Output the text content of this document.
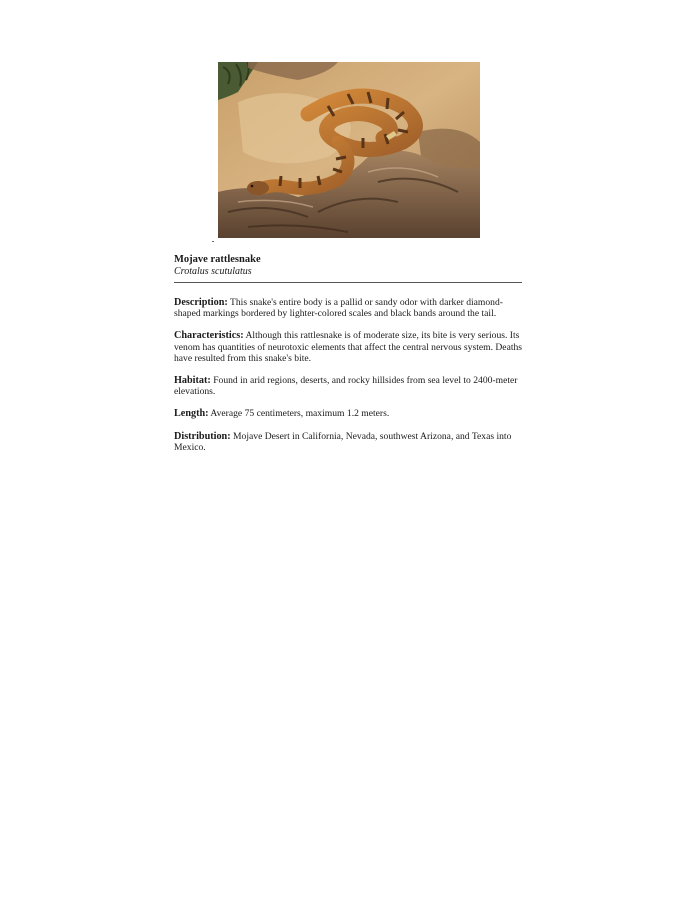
Mojave rattlesnake

Crotalus scutulatus

Description: This snake's entire body is a pallid or sandy odor with darker diamond-shaped markings bordered by lighter-colored scales and black bands around the tail.

Characteristics: Although this rattlesnake is of moderate size, its bite is very serious. Its venom has quantities of neurotoxic elements that affect the central nervous system. Deaths have resulted from this snake's bite.

Habitat: Found in arid regions, deserts, and rocky hillsides from sea level to 2400-meter elevations.

Length: Average 75 centimeters, maximum 1.2 meters.

Distribution: Mojave Desert in California, Nevada, southwest Arizona, and Texas into Mexico.
